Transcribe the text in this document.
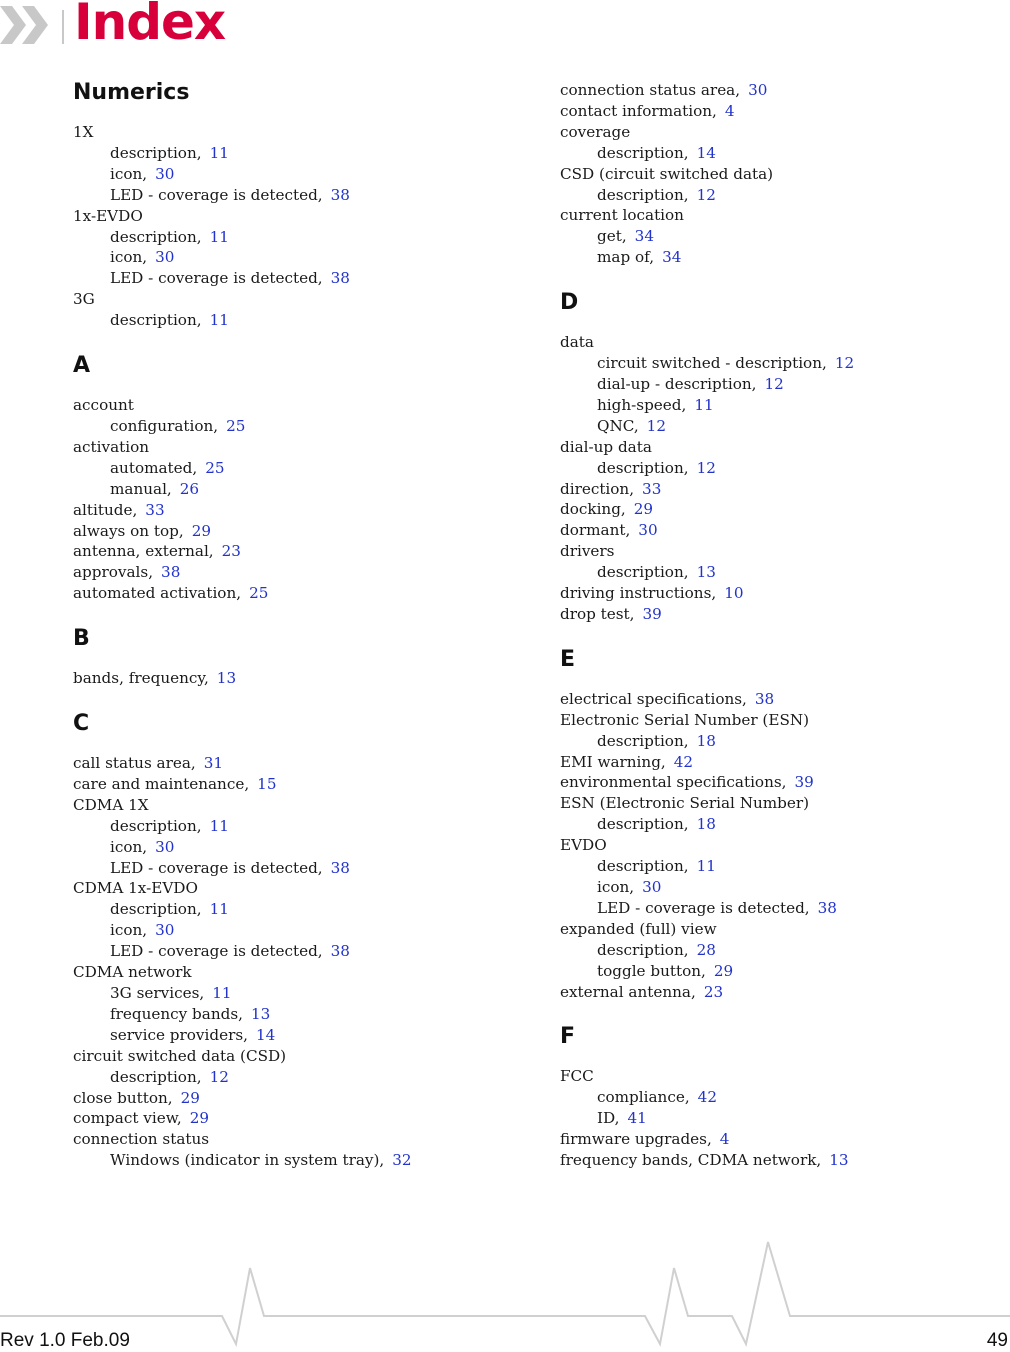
Index
Numerics
1X
description, 11
icon, 30
LED - coverage is detected, 38
1x-EVDO
description, 11
icon, 30
LED - coverage is detected, 38
3G
description, 11
A
account
configuration, 25
activation
automated, 25
manual, 26
altitude, 33
always on top, 29
antenna, external, 23
approvals, 38
automated activation, 25
B
bands, frequency, 13
C
call status area, 31
care and maintenance, 15
CDMA 1X
description, 11
icon, 30
LED - coverage is detected, 38
CDMA 1x-EVDO
description, 11
icon, 30
LED - coverage is detected, 38
CDMA network
3G services, 11
frequency bands, 13
service providers, 14
circuit switched data (CSD)
description, 12
close button, 29
compact view, 29
connection status
Windows (indicator in system tray), 32
connection status area, 30
contact information, 4
coverage
description, 14
CSD (circuit switched data)
description, 12
current location
get, 34
map of, 34
D
data
circuit switched - description, 12
dial-up - description, 12
high-speed, 11
QNC, 12
dial-up data
description, 12
direction, 33
docking, 29
dormant, 30
drivers
description, 13
driving instructions, 10
drop test, 39
E
electrical specifications, 38
Electronic Serial Number (ESN)
description, 18
EMI warning, 42
environmental specifications, 39
ESN (Electronic Serial Number)
description, 18
EVDO
description, 11
icon, 30
LED - coverage is detected, 38
expanded (full) view
description, 28
toggle button, 29
external antenna, 23
F
FCC
compliance, 42
ID, 41
firmware upgrades, 4
frequency bands, CDMA network, 13
Rev 1.0 Feb.09	49
